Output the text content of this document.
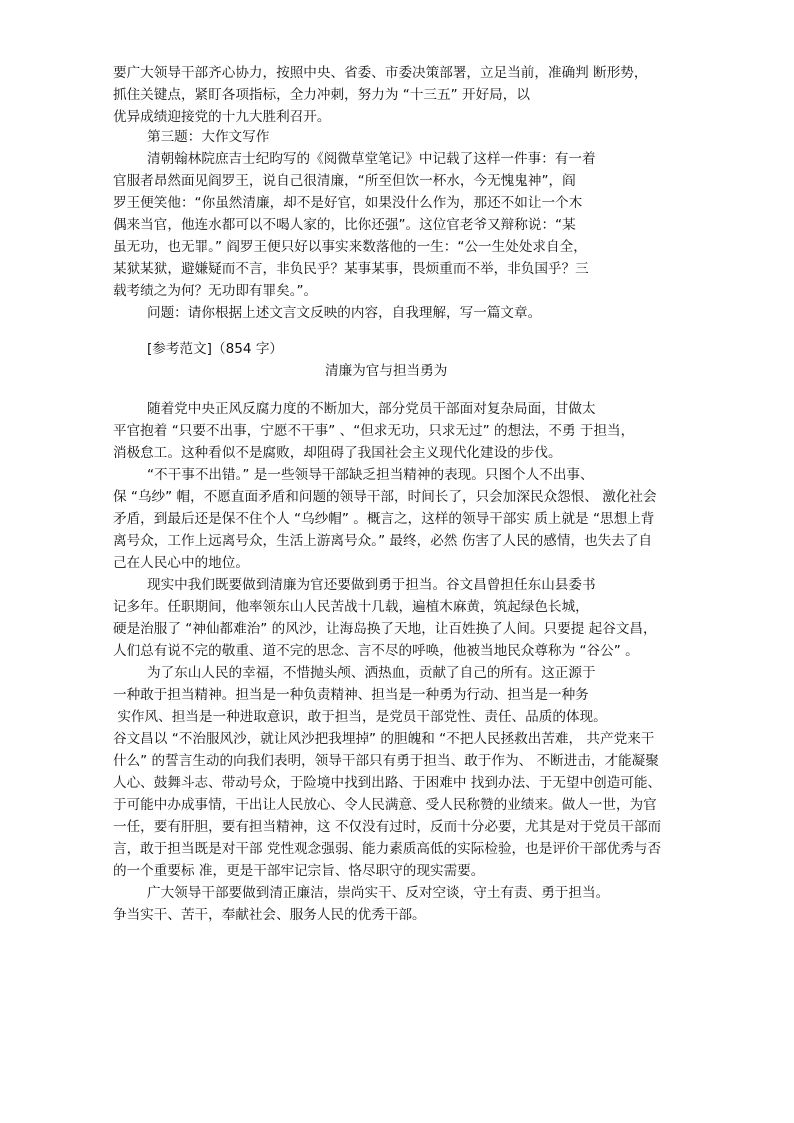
要广大领导干部齐心协力，按照中央、省委、市委决策部署，立足当前，准确判 断形势，
抓住关键点，紧盯各项指标，全力冲刺，努力为 “十三五” 开好局，以
优异成绩迎接党的十九大胜利召开。
第三题：大作文写作
清朝翰林院庶吉士纪昀写的《阅微草堂笔记》中记载了这样一件事：有一着
官服者昂然面见阎罗王，说自己很清廉，“所至但饮一杯水，今无愧鬼神”，阎
罗王便笑他：“你虽然清廉，却不是好官，如果没什么作为，那还不如让一个木
偶来当官，他连水都可以不喝人家的，比你还强”。这位官老爷又辩称说：“某
虽无功，也无罪。” 阎罗王便只好以事实来数落他的一生：“公一生处处求自全，
某狱某狱，避嫌疑而不言，非负民乎？某事某事，畏烦重而不举，非负国乎？三
载考绩之为何？无功即有罪矣。”。
问题：请你根据上述文言文反映的内容，自我理解，写一篇文章。
[参考范文]（854 字）
清廉为官与担当勇为
随着党中央正风反腐力度的不断加大，部分党员干部面对复杂局面，甘做太
平官抱着 “只要不出事，宁愿不干事” 、“但求无功，只求无过” 的想法，不勇 于担当，
消极怠工。这种看似不是腐败，却阻碍了我国社会主义现代化建设的步伐。
“不干事不出错。” 是一些领导干部缺乏担当精神的表现。只图个人不出事、
保 “乌纱” 帽，不愿直面矛盾和问题的领导干部，时间长了，只会加深民众怨恨、 激化社会
矛盾，到最后还是保不住个人 “乌纱帽” 。概言之，这样的领导干部实 质上就是 “思想上背
离号众，工作上远离号众，生活上游离号众。” 最终，必然 伤害了人民的感情，也失去了自
己在人民心中的地位。
现实中我们既要做到清廉为官还要做到勇于担当。谷文昌曾担任东山县委书
记多年。任职期间，他率领东山人民苦战十几载，遍植木麻黄，筑起绿色长城，
硬是治服了 “神仙都难治” 的风沙，让海岛换了天地，让百姓换了人间。只要提 起谷文昌，
人们总有说不完的敬重、道不完的思念、言不尽的呼唤，他被当地民众尊称为 “谷公” 。
为了东山人民的幸福，不惜抛头颅、洒热血，贡献了自己的所有。这正源于
一种敢于担当精神。担当是一种负责精神、担当是一种勇为行动、担当是一种务
实作风、担当是一种进取意识，敢于担当，是党员干部党性、责任、品质的体现。
谷文昌以 “不治服风沙，就让风沙把我埋掉” 的胆魄和 “不把人民拯救出苦难， 共产党来干
什么” 的誓言生动的向我们表明，领导干部只有勇于担当、敢于作为、 不断进击，才能凝聚
人心、鼓舞斗志、带动号众，于险境中找到出路、于困难中 找到办法、于无望中创造可能、
于可能中办成事情，干出让人民放心、令人民满意、受人民称赞的业绩来。做人一世，为官
一任，要有肝胆，要有担当精神，这 不仅没有过时，反而十分必要，尤其是对于党员干部而
言，敢于担当既是对干部 党性观念强弱、能力素质高低的实际检验，也是评价干部优秀与否
的一个重要标 准，更是干部牢记宗旨、恪尽职守的现实需要。
广大领导干部要做到清正廉洁，崇尚实干、反对空谈，守土有责、勇于担当。
争当实干、苦干，奉献社会、服务人民的优秀干部。
